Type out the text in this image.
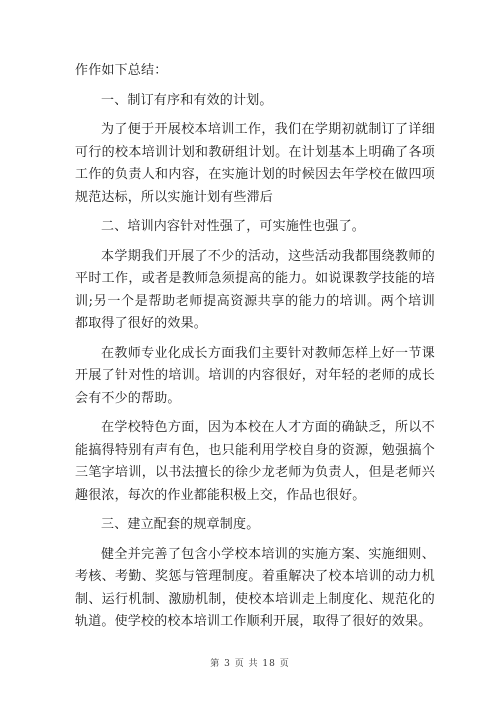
作作如下总结：

一、制订有序和有效的计划。

为了便于开展校本培训工作，我们在学期初就制订了详细可行的校本培训计划和教研组计划。在计划基本上明确了各项工作的负责人和内容，在实施计划的时候因去年学校在做四项规范达标，所以实施计划有些滞后

二、培训内容针对性强了，可实施性也强了。

本学期我们开展了不少的活动，这些活动我都围绕教师的平时工作，或者是教师急须提高的能力。如说课教学技能的培训;另一个是帮助老师提高资源共享的能力的培训。两个培训都取得了很好的效果。

在教师专业化成长方面我们主要针对教师怎样上好一节课开展了针对性的培训。培训的内容很好，对年轻的老师的成长会有不少的帮助。

在学校特色方面，因为本校在人才方面的确缺乏，所以不能搞得特别有声有色，也只能利用学校自身的资源，勉强搞个三笔字培训，以书法擅长的徐少龙老师为负责人，但是老师兴趣很浓，每次的作业都能积极上交，作品也很好。

三、建立配套的规章制度。

健全并完善了包含小学校本培训的实施方案、实施细则、考核、考勤、奖惩与管理制度。着重解决了校本培训的动力机制、运行机制、激励机制，使校本培训走上制度化、规范化的轨道。使学校的校本培训工作顺利开展，取得了很好的效果。

第 3 页 共 18 页
